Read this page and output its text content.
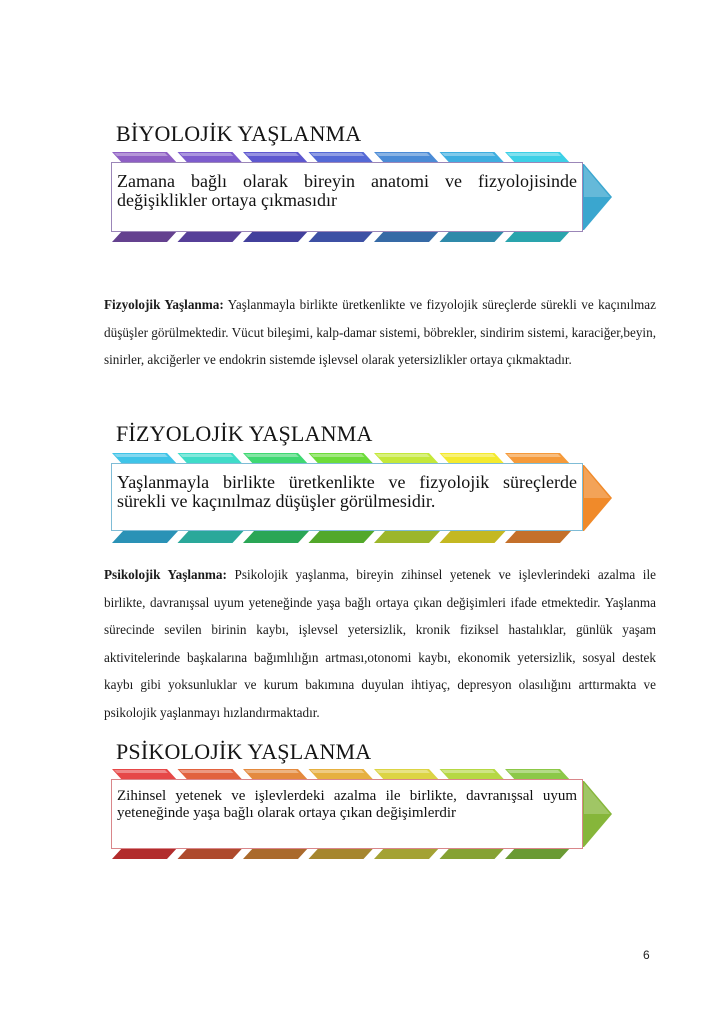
BİYOLOJİK YAŞLANMA
Zamana bağlı olarak bireyin anatomi ve fizyolojisinde değişiklikler ortaya çıkmasıdır
Fizyolojik Yaşlanma: Yaşlanmayla birlikte üretkenlikte ve fizyolojik süreçlerde sürekli ve kaçınılmaz düşüşler görülmektedir. Vücut bileşimi, kalp-damar sistemi, böbrekler, sindirim sistemi, karaciğer,beyin, sinirler, akciğerler ve endokrin sistemde işlevsel olarak yetersizlikler ortaya çıkmaktadır.
FİZYOLOJİK YAŞLANMA
Yaşlanmayla birlikte üretkenlikte ve fizyolojik süreçlerde sürekli ve kaçınılmaz düşüşler görülmesidir.
Psikolojik Yaşlanma: Psikolojik yaşlanma, bireyin zihinsel yetenek ve işlevlerindeki azalma ile birlikte, davranışsal uyum yeteneğinde yaşa bağlı ortaya çıkan değişimleri ifade etmektedir. Yaşlanma sürecinde sevilen birinin kaybı, işlevsel yetersizlik, kronik fiziksel hastalıklar, günlük yaşam aktivitelerinde başkalarına bağımlılığın artması,otonomi kaybı, ekonomik yetersizlik, sosyal destek kaybı gibi yoksunluklar ve kurum bakımına duyulan ihtiyaç, depresyon olasılığını arttırmakta ve psikolojik yaşlanmayı hızlandırmaktadır.
PSİKOLOJİK YAŞLANMA
Zihinsel yetenek ve işlevlerdeki azalma ile birlikte, davranışsal uyum yeteneğinde yaşa bağlı olarak ortaya çıkan değişimlerdir
6
